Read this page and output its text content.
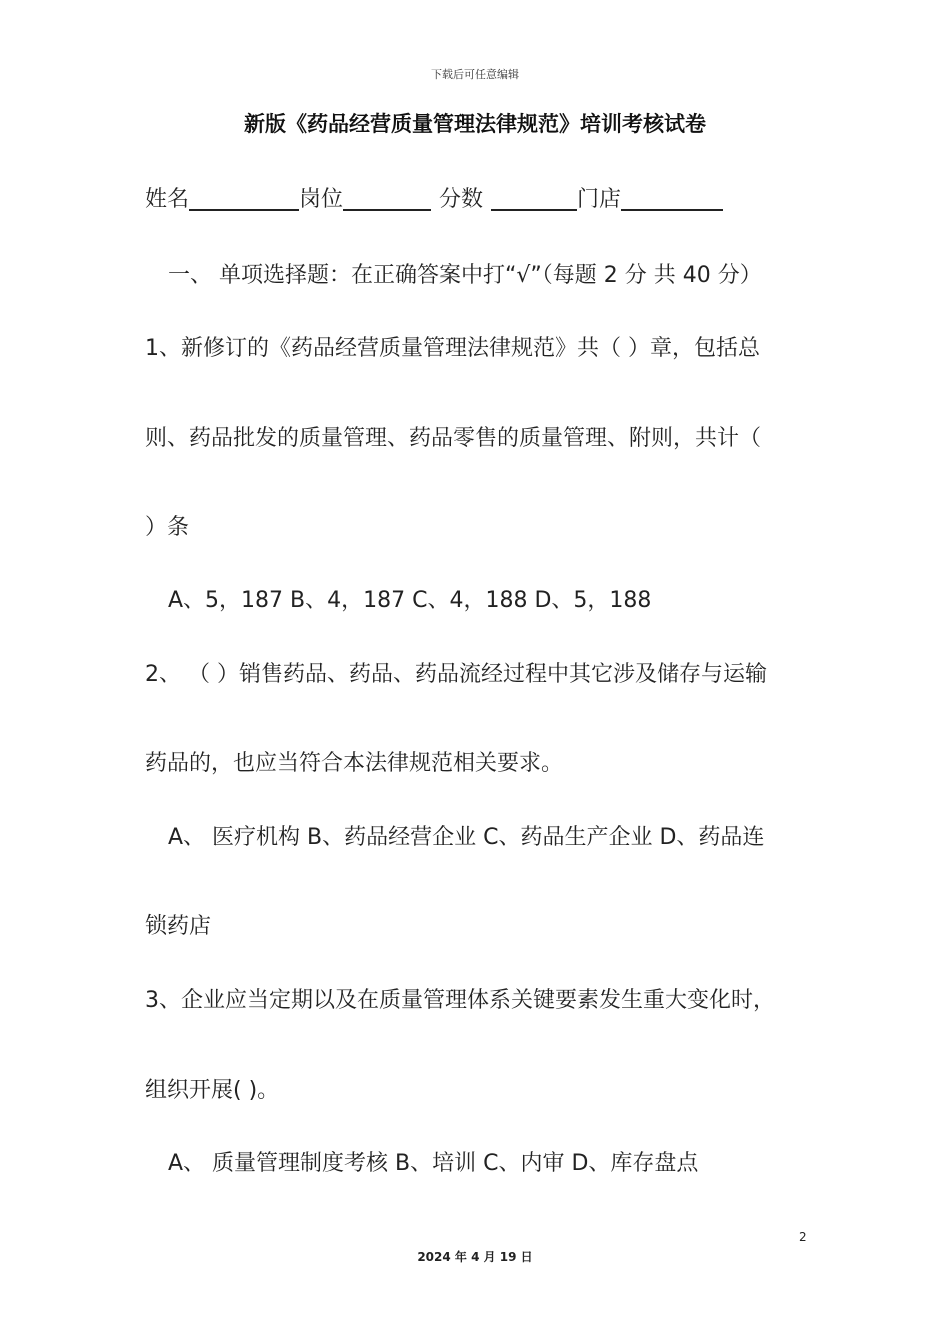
下载后可任意编辑
新版《药品经营质量管理法律规范》培训考核试卷
姓名	岗位	分数	门店
一、 单项选择题：在正确答案中打“√”（每题 2 分 共 40 分）
1、新修订的《药品经营质量管理法律规范》共（ ）章，包括总
则、药品批发的质量管理、药品零售的质量管理、附则，共计（
）条
A、5，187 B、4，187 C、4，188 D、5，188
2、 （ ）销售药品、药品、药品流经过程中其它涉及储存与运输
药品的，也应当符合本法律规范相关要求。
A、 医疗机构 B、药品经营企业 C、药品生产企业 D、药品连
锁药店
3、企业应当定期以及在质量管理体系关键要素发生重大变化时，
组织开展( )。
A、 质量管理制度考核 B、培训 C、内审 D、库存盘点
2
2024 年 4 月 19 日
